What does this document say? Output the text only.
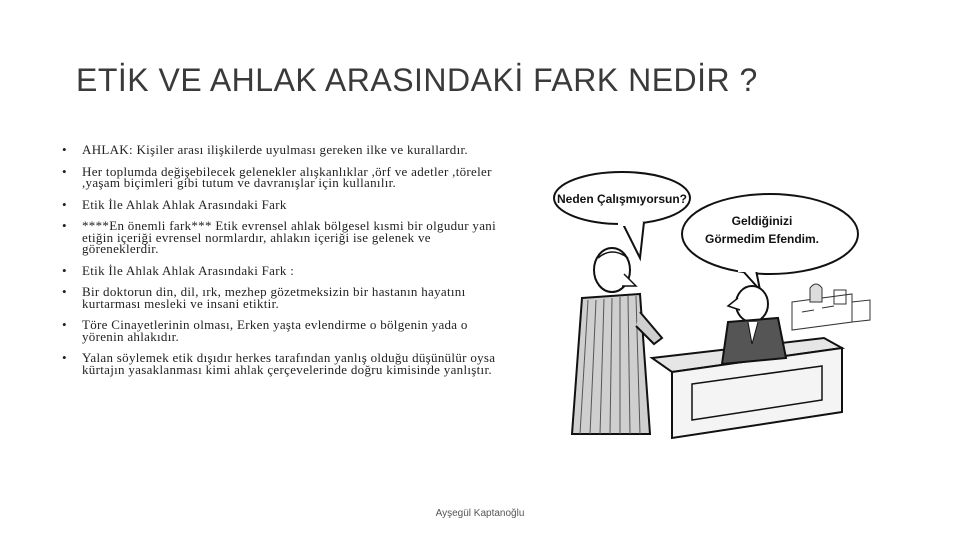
ETİK VE AHLAK ARASINDAKİ FARK NEDİR ?
• AHLAK: Kişiler arası ilişkilerde uyulması gereken ilke ve kurallardır.
• Her toplumda değişebilecek gelenekler alışkanlıklar ,örf ve adetler ,töreler ,yaşam biçimleri gibi tutum ve davranışlar için kullanılır.
• Etik İle Ahlak Ahlak Arasındaki Fark
• ****En önemli fark*** Etik evrensel ahlak bölgesel kısmi bir olgudur yani etiğin içeriği evrensel normlardır, ahlakın içeriği ise gelenek ve göreneklerdir.
• Etik İle Ahlak Ahlak Arasındaki Fark :
• Bir doktorun din, dil, ırk, mezhep gözetmeksizin bir hastanın hayatını kurtarması mesleki ve insani etiktir.
• Töre Cinayetlerinin olması, Erken yaşta evlendirme o bölgenin yada o yörenin ahlakıdır.
• Yalan söylemek etik dışıdır herkes tarafından yanlış olduğu düşünülür oysa kürtajın yasaklanması kimi ahlak çerçevelerinde doğru kimisinde yanlıştır.
Neden Çalışmıyorsun?
Geldiğinizi
Görmedim Efendim.
Ayşegül Kaptanoğlu
